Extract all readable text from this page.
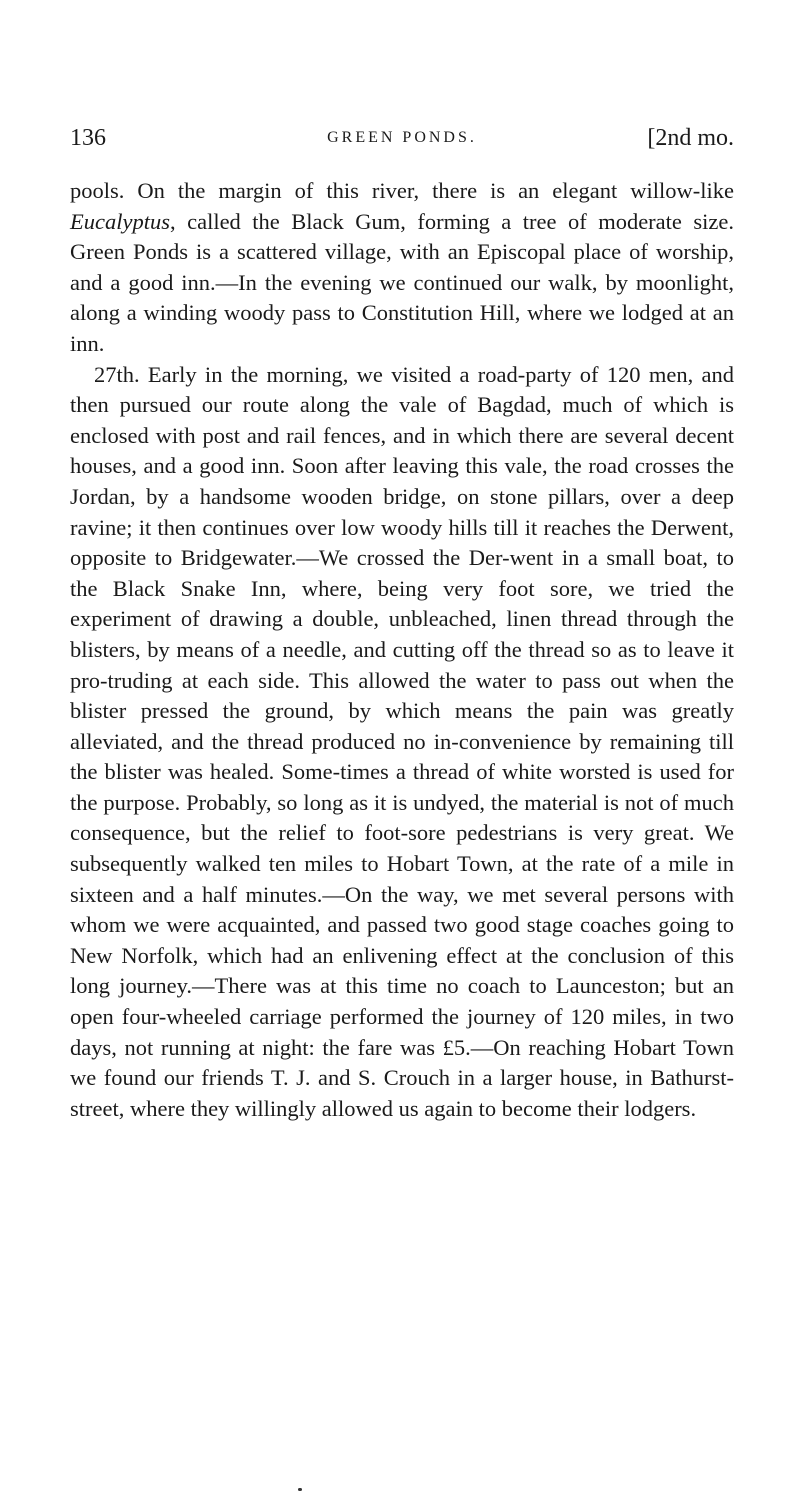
136	GREEN PONDS.	[2nd mo.

pools. On the margin of this river, there is an elegant willow-like Eucalyptus, called the Black Gum, forming a tree of moderate size. Green Ponds is a scattered village, with an Episcopal place of worship, and a good inn.—In the evening we continued our walk, by moonlight, along a winding woody pass to Constitution Hill, where we lodged at an inn.

27th. Early in the morning, we visited a road-party of 120 men, and then pursued our route along the vale of Bagdad, much of which is enclosed with post and rail fences, and in which there are several decent houses, and a good inn. Soon after leaving this vale, the road crosses the Jordan, by a handsome wooden bridge, on stone pillars, over a deep ravine; it then continues over low woody hills till it reaches the Derwent, opposite to Bridgewater.—We crossed the Der-went in a small boat, to the Black Snake Inn, where, being very foot sore, we tried the experiment of drawing a double, unbleached, linen thread through the blisters, by means of a needle, and cutting off the thread so as to leave it pro-truding at each side. This allowed the water to pass out when the blister pressed the ground, by which means the pain was greatly alleviated, and the thread produced no in-convenience by remaining till the blister was healed. Some-times a thread of white worsted is used for the purpose. Probably, so long as it is undyed, the material is not of much consequence, but the relief to foot-sore pedestrians is very great. We subsequently walked ten miles to Hobart Town, at the rate of a mile in sixteen and a half minutes.—On the way, we met several persons with whom we were acquainted, and passed two good stage coaches going to New Norfolk, which had an enlivening effect at the conclusion of this long journey.—There was at this time no coach to Launceston; but an open four-wheeled carriage performed the journey of 120 miles, in two days, not running at night: the fare was £5.—On reaching Hobart Town we found our friends T. J. and S. Crouch in a larger house, in Bathurst-street, where they willingly allowed us again to become their lodgers.
